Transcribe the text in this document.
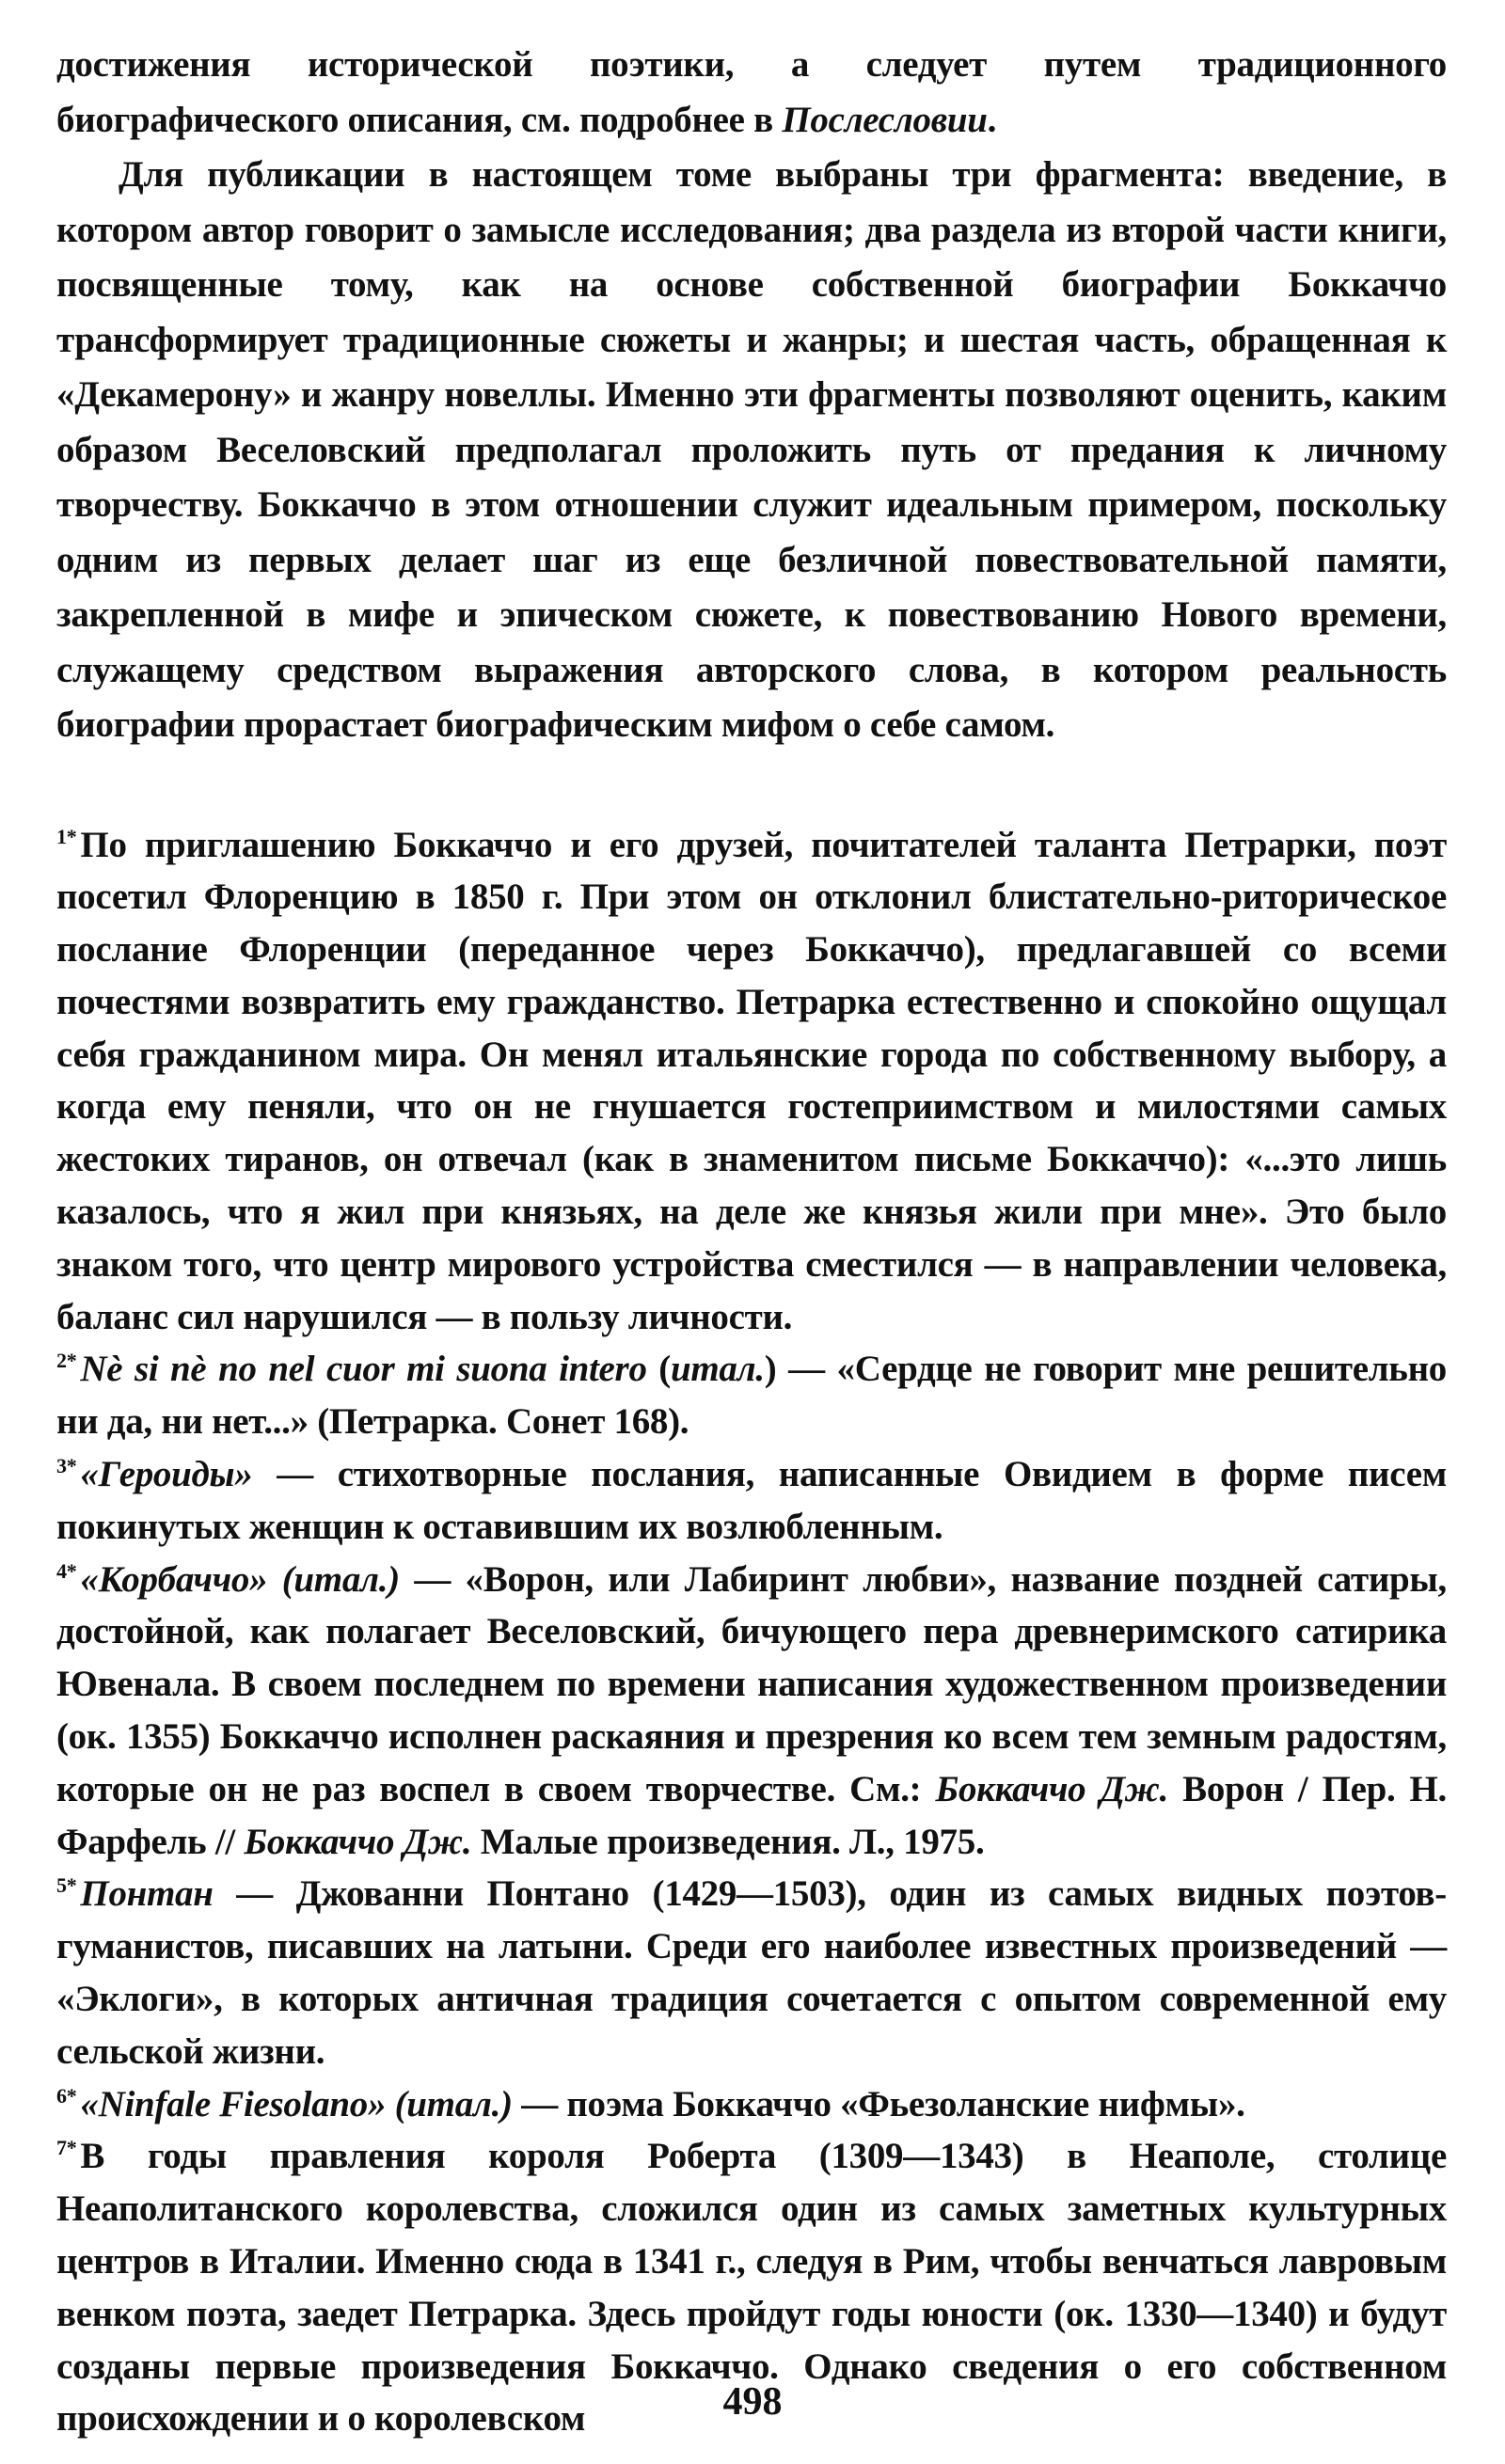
достижения исторической поэтики, а следует путем традиционного биографического описания, см. подробнее в Послесловии.

Для публикации в настоящем томе выбраны три фрагмента: введение, в котором автор говорит о замысле исследования; два раздела из второй части книги, посвященные тому, как на основе собственной биографии Боккаччо трансформирует традиционные сюжеты и жанры; и шестая часть, обращенная к «Декамерону» и жанру новеллы. Именно эти фрагменты позволяют оценить, каким образом Веселовский предполагал проложить путь от предания к личному творчеству. Боккаччо в этом отношении служит идеальным примером, поскольку одним из первых делает шаг из еще безличной повествовательной памяти, закрепленной в мифе и эпическом сюжете, к повествованию Нового времени, служащему средством выражения авторского слова, в котором реальность биографии прорастает биографическим мифом о себе самом.

$^{1*}$ По приглашению Боккаччо и его друзей, почитателей таланта Петрарки, поэт посетил Флоренцию в 1850 г. При этом он отклонил блистательно-риторическое послание Флоренции (переданное через Боккаччо), предлагавшей со всеми почестями возвратить ему гражданство. Петрарка естественно и спокойно ощущал себя гражданином мира. Он менял итальянские города по собственному выбору, а когда ему пеняли, что он не гнушается гостеприимством и милостями самых жестоких тиранов, он отвечал (как в знаменитом письме Боккаччо): «...это лишь казалось, что я жил при князьях, на деле же князья жили при мне». Это было знаком того, что центр мирового устройства сместился — в направлении человека, баланс сил нарушился — в пользу личности.

$^{2*}$ Nè si nè no nel cuor mi suona intero (итал.) — «Сердце не говорит мне решительно ни да, ни нет...» (Петрарка. Сонет 168).

$^{3*}$ «Героиды» — стихотворные послания, написанные Овидием в форме писем покинутых женщин к оставившим их возлюбленным.

$^{4*}$ «Корбаччо» (итал.) — «Ворон, или Лабиринт любви», название поздней сатиры, достойной, как полагает Веселовский, бичующего пера древнеримского сатирика Ювенала. В своем последнем по времени написания художественном произведении (ок. 1355) Боккаччо исполнен раскаяния и презрения ко всем тем земным радостям, которые он не раз воспел в своем творчестве. См.: Боккаччо Дж. Ворон / Пер. Н. Фарфель // Боккаччо Дж. Малые произведения. Л., 1975.

$^{5*}$ Понтан — Джованни Понтано (1429—1503), один из самых видных поэтов-гуманистов, писавших на латыни. Среди его наиболее известных произведений — «Эклоги», в которых античная традиция сочетается с опытом современной ему сельской жизни.

$^{6*}$ «Ninfale Fiesolano» (итал.) — поэма Боккаччо «Фьезоланские нифмы».

$^{7*}$ В годы правления короля Роберта (1309—1343) в Неаполе, столице Неаполитанского королевства, сложился один из самых заметных культурных центров в Италии. Именно сюда в 1341 г., следуя в Рим, чтобы венчаться лавровым венком поэта, заедет Петрарка. Здесь пройдут годы юности (ок. 1330—1340) и будут созданы первые произведения Боккаччо. Однако сведения о его собственном происхождении и о королевском	498
